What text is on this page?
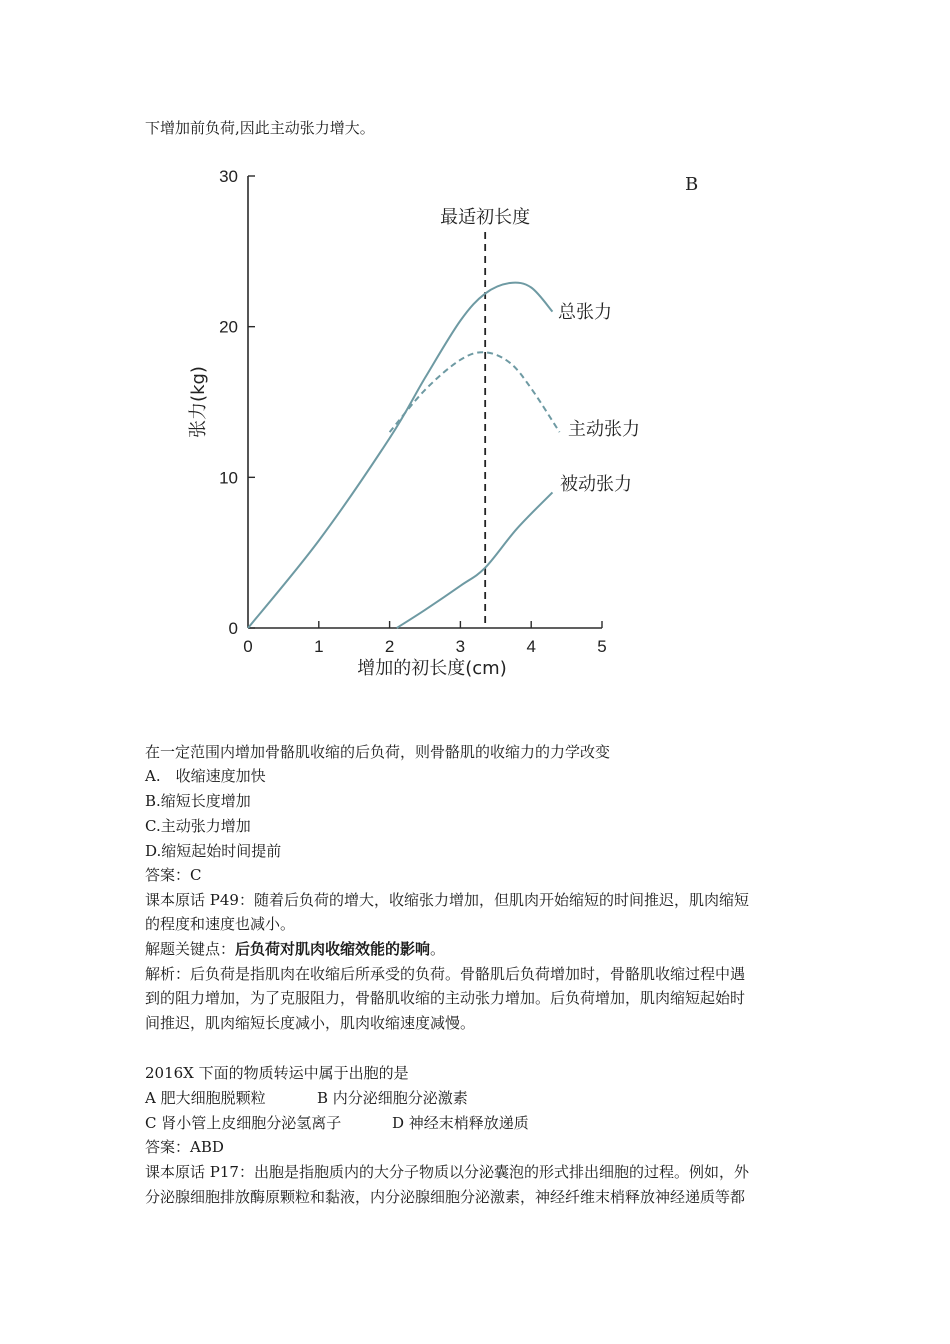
下增加前负荷,因此主动张力增大。
0	1	2	3	4	5
0
10
20
30
最适初长度
总张力
主动张力
被动张力
张力(kg)
增加的初长度(cm)
B
在一定范围内增加骨骼肌收缩的后负荷，则骨骼肌的收缩力的力学改变
A.　收缩速度加快
B.缩短长度增加
C.主动张力增加
D.缩短起始时间提前
答案：C
课本原话 P49：随着后负荷的增大，收缩张力增加，但肌肉开始缩短的时间推迟，肌肉缩短
的程度和速度也减小。
解题关键点：后负荷对肌肉收缩效能的影响。
解析：后负荷是指肌肉在收缩后所承受的负荷。骨骼肌后负荷增加时，骨骼肌收缩过程中遇
到的阻力增加，为了克服阻力，骨骼肌收缩的主动张力增加。后负荷增加，肌肉缩短起始时
间推迟，肌肉缩短长度减小，肌肉收缩速度减慢。
2016X 下面的物质转运中属于出胞的是
A 肥大细胞脱颗粒	B 内分泌细胞分泌激素
C 肾小管上皮细胞分泌氢离子	D 神经末梢释放递质
答案：ABD
课本原话 P17：出胞是指胞质内的大分子物质以分泌囊泡的形式排出细胞的过程。例如，外
分泌腺细胞排放酶原颗粒和黏液，内分泌腺细胞分泌激素，神经纤维末梢释放神经递质等都
